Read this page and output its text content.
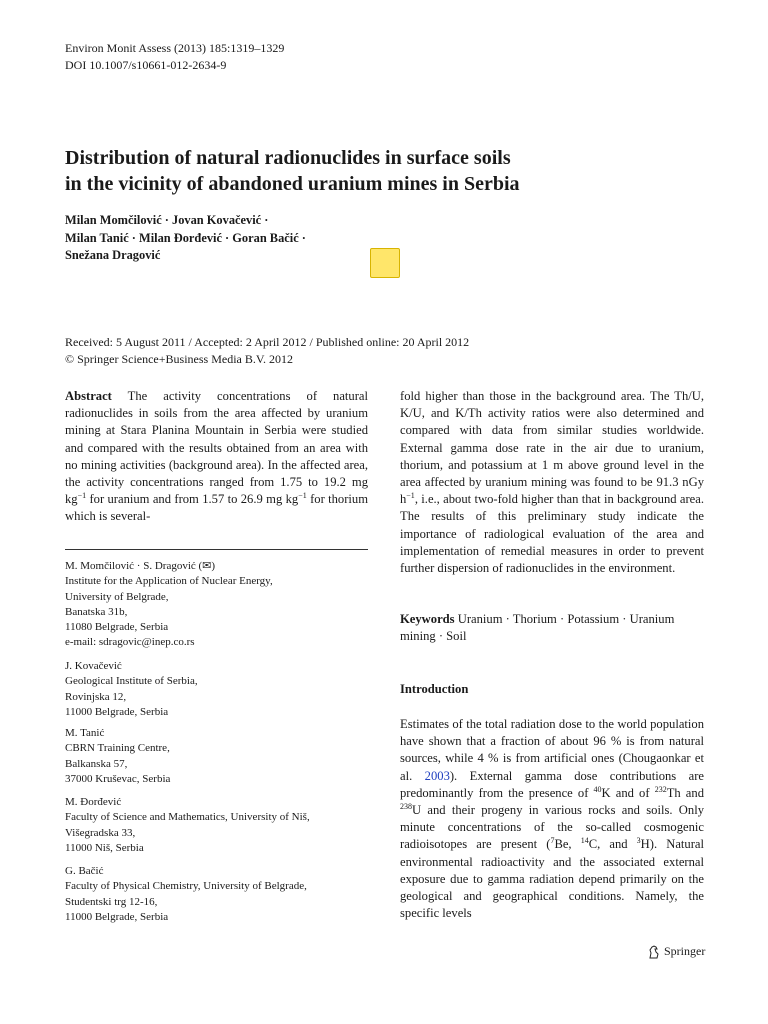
Environ Monit Assess (2013) 185:1319–1329
DOI 10.1007/s10661-012-2634-9
Distribution of natural radionuclides in surface soils
in the vicinity of abandoned uranium mines in Serbia
Milan Momčilović · Jovan Kovačević ·
Milan Tanić · Milan Đorđević · Goran Bačić ·
Snežana Dragović
Received: 5 August 2011 / Accepted: 2 April 2012 / Published online: 20 April 2012
© Springer Science+Business Media B.V. 2012
Abstract The activity concentrations of natural radionuclides in soils from the area affected by uranium mining at Stara Planina Mountain in Serbia were studied and compared with the results obtained from an area with no mining activities (background area). In the affected area, the activity concentrations ranged from 1.75 to 19.2 mg $kg^{-1}$ for uranium and from 1.57 to 26.9 mg $kg^{-1}$ for thorium which is several-
M. Momčilović · S. Dragović (✉)
Institute for the Application of Nuclear Energy,
University of Belgrade,
Banatska 31b,
11080 Belgrade, Serbia
e-mail: sdragovic@inep.co.rs
J. Kovačević
Geological Institute of Serbia,
Rovinjska 12,
11000 Belgrade, Serbia
M. Tanić
CBRN Training Centre,
Balkanska 57,
37000 Kruševac, Serbia
M. Đorđević
Faculty of Science and Mathematics, University of Niš,
Višegradska 33,
11000 Niš, Serbia
G. Bačić
Faculty of Physical Chemistry, University of Belgrade,
Studentski trg 12-16,
11000 Belgrade, Serbia
fold higher than those in the background area. The Th/U, K/U, and K/Th activity ratios were also determined and compared with data from similar studies worldwide. External gamma dose rate in the air due to uranium, thorium, and potassium at 1 m above ground level in the area affected by uranium mining was found to be 91.3 nGy $h^{-1}$, i.e., about two-fold higher than that in background area. The results of this preliminary study indicate the importance of radiological evaluation of the area and implementation of remedial measures in order to prevent further dispersion of radionuclides in the environment.
Keywords Uranium · Thorium · Potassium · Uranium mining · Soil
Introduction
Estimates of the total radiation dose to the world population have shown that a fraction of about 96 % is from natural sources, while 4 % is from artificial ones (Chougaonkar et al. 2003). External gamma dose contributions are predominantly from the presence of $^{40}$K and of $^{232}$Th and $^{238}$U and their progeny in various rocks and soils. Only minute concentrations of the so-called cosmogenic radioisotopes are present ($^7$Be, $^{14}$C, and $^3$H). Natural environmental radioactivity and the associated external exposure due to gamma radiation depend primarily on the geological and geographical conditions. Namely, the specific levels
Springer
